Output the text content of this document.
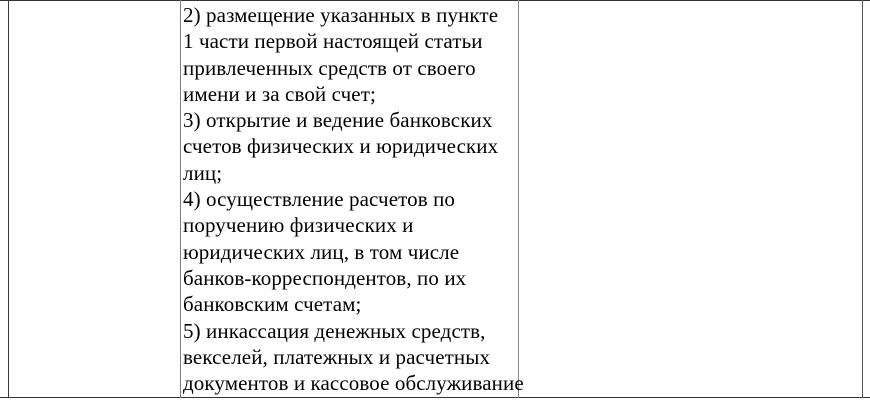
2) размещение указанных в пункте
1 части первой настоящей статьи
привлеченных средств от своего
имени и за свой счет;
3) открытие и ведение банковских
счетов физических и юридических
лиц;
4) осуществление расчетов по
поручению физических и
юридических лиц, в том числе
банков-корреспондентов, по их
банковским счетам;
5) инкассация денежных средств,
векселей, платежных и расчетных
документов и кассовое обслуживание
